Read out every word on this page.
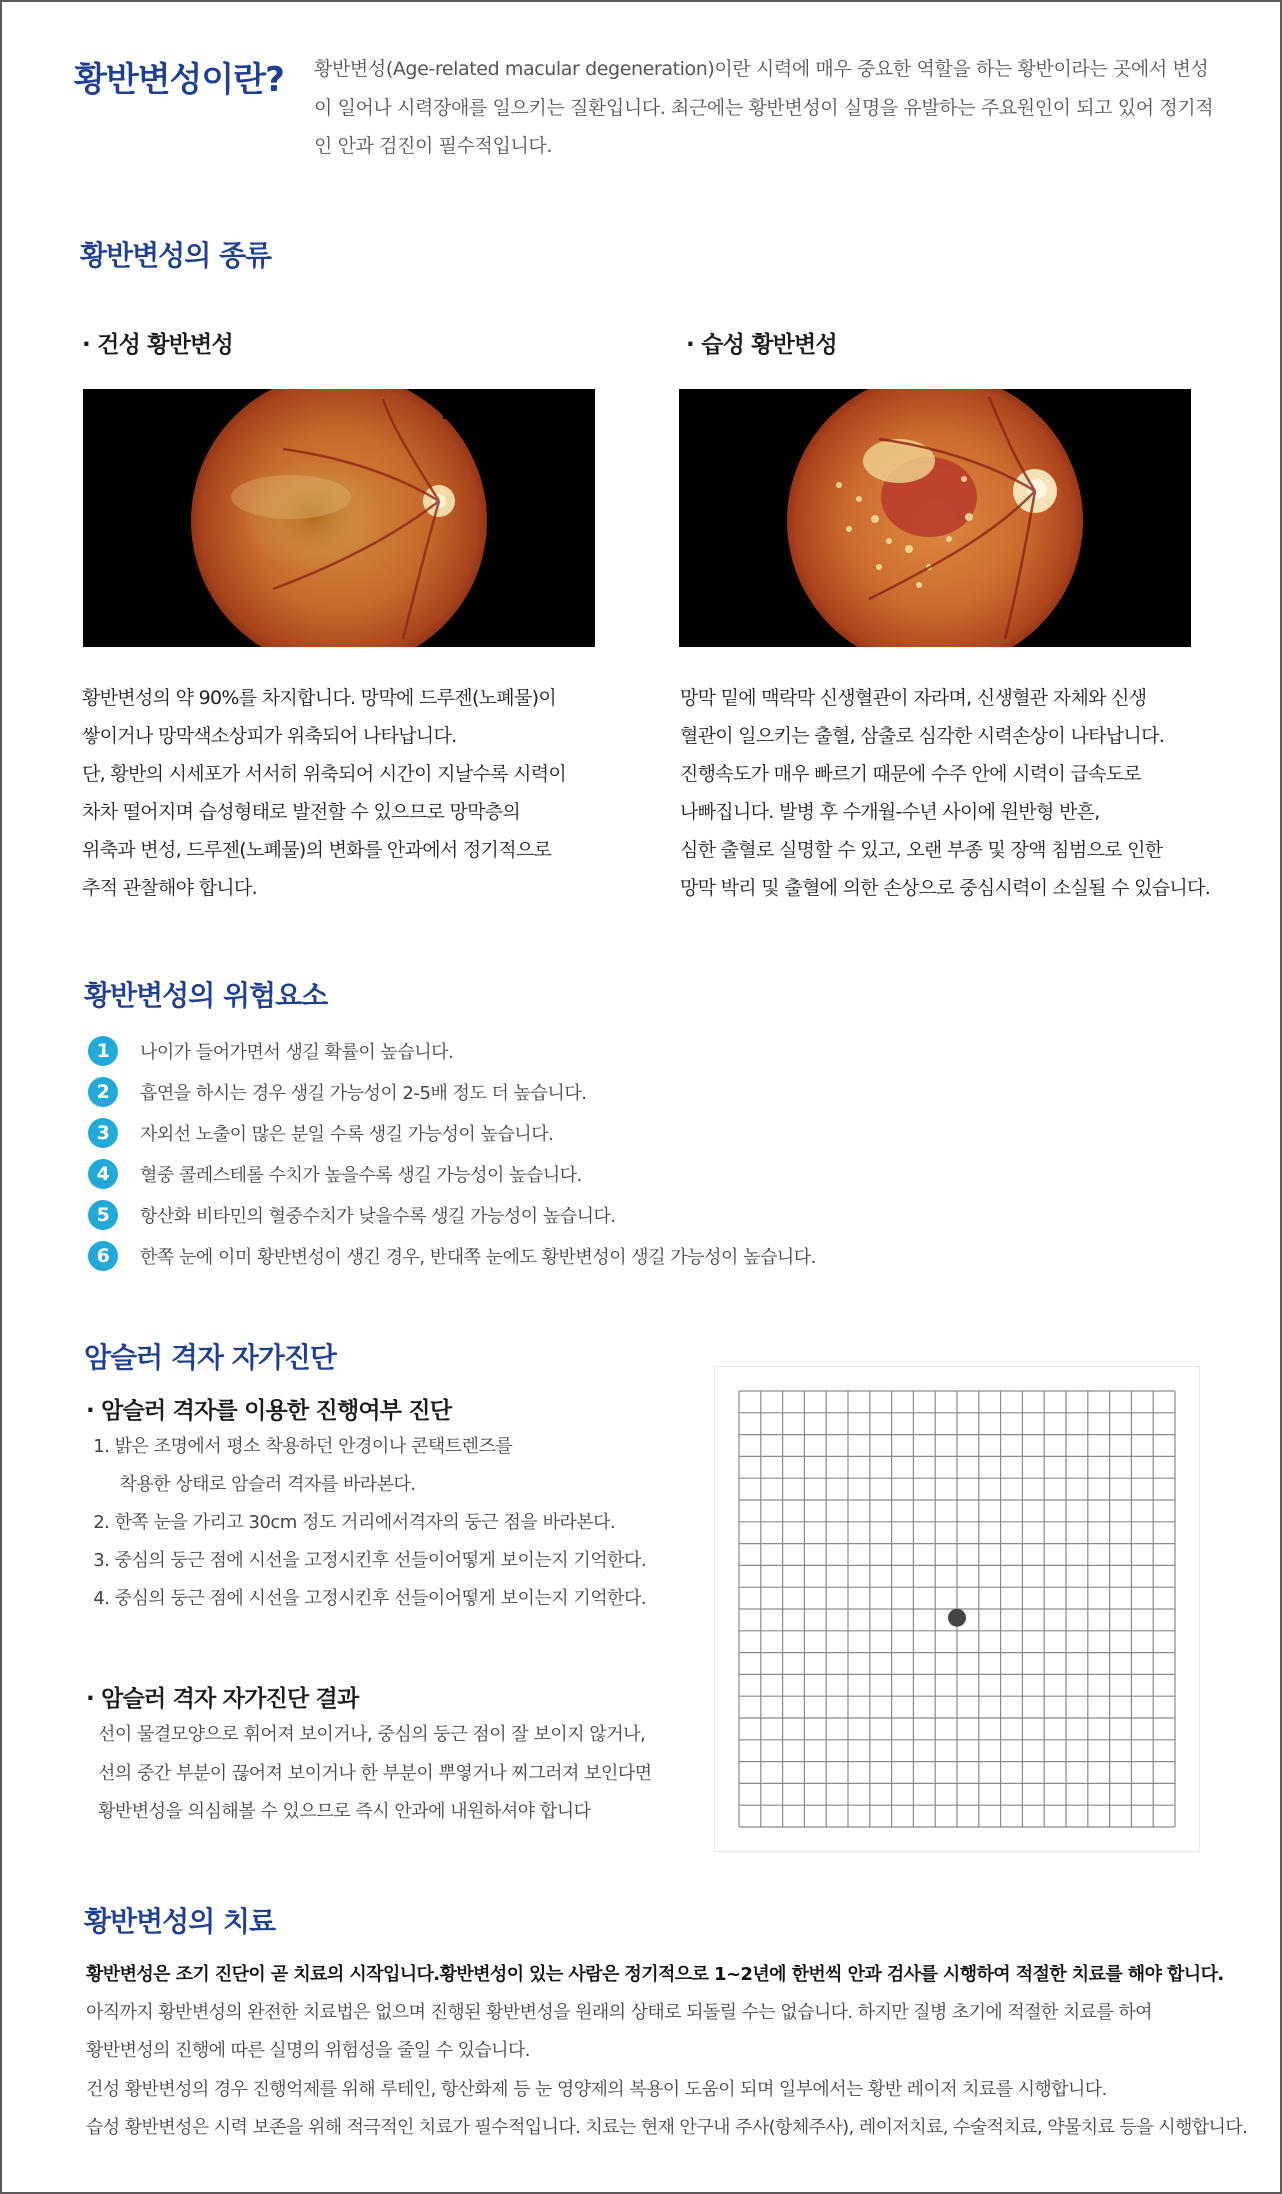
황반변성이란? 황반변성(Age-related macular degeneration)이란 시력에 매우 중요한 역할을 하는 황반이라는 곳에서 변성이 일어나 시력장애를 일으키는 질환입니다. 최근에는 황반변성이 실명을 유발하는 주요원인이 되고 있어 정기적인 안과 검진이 필수적입니다.

황반변성의 종류
· 건성 황반변성	· 습성 황반변성

황반변성의 약 90%를 차지합니다. 망막에 드루젠(노폐물)이

쌓이거나 망막색소상피가 위축되어 나타납니다.

단, 황반의 시세포가 서서히 위축되어 시간이 지날수록 시력이

차차 떨어지며 습성형태로 발전할 수 있으므로 망막층의

위축과 변성, 드루젠(노폐물)의 변화를 안과에서 정기적으로

추적 관찰해야 합니다.

망막 밑에 맥락막 신생혈관이 자라며, 신생혈관 자체와 신생

혈관이 일으키는 출혈, 삼출로 심각한 시력손상이 나타납니다.

진행속도가 매우 빠르기 때문에 수주 안에 시력이 급속도로

나빠집니다. 발병 후 수개월-수년 사이에 원반형 반흔,

심한 출혈로 실명할 수 있고, 오랜 부종 및 장액 침범으로 인한

망막 박리 및 출혈에 의한 손상으로 중심시력이 소실될 수 있습니다.

황반변성의 위험요소
1	나이가 들어가면서 생길 확률이 높습니다.
2	흡연을 하시는 경우 생길 가능성이 2-5배 정도 더 높습니다.
3	자외선 노출이 많은 분일 수록 생길 가능성이 높습니다.
4	혈중 콜레스테롤 수치가 높을수록 생길 가능성이 높습니다.
5	항산화 비타민의 혈중수치가 낮을수록 생길 가능성이 높습니다.
6	한쪽 눈에 이미 황반변성이 생긴 경우, 반대쪽 눈에도 황반변성이 생길 가능성이 높습니다.
암슬러 격자 자가진단
· 암슬러 격자를 이용한 진행여부 진단
1. 밝은 조명에서 평소 착용하던 안경이나 콘택트렌즈를
착용한 상태로 암슬러 격자를 바라본다.
2. 한쪽 눈을 가리고 30cm 정도 거리에서격자의 둥근 점을 바라본다.
3. 중심의 둥근 점에 시선을 고정시킨후 선들이어떻게 보이는지 기억한다.
4. 중심의 둥근 점에 시선을 고정시킨후 선들이어떻게 보이는지 기억한다.
· 암슬러 격자 자가진단 결과

선이 물결모양으로 휘어져 보이거나, 중심의 둥근 점이 잘 보이지 않거나,

선의 중간 부분이 끊어져 보이거나 한 부분이 뿌옇거나 찌그러져 보인다면

황반변성을 의심해볼 수 있으므로 즉시 안과에 내원하셔야 합니다

황반변성의 치료

황반변성은 조기 진단이 곧 치료의 시작입니다.황반변성이 있는 사람은 정기적으로 1~2년에 한번씩 안과 검사를 시행하여 적절한 치료를 해야 합니다.

아직까지 황반변성의 완전한 치료법은 없으며 진행된 황반변성을 원래의 상태로 되돌릴 수는 없습니다. 하지만 질병 초기에 적절한 치료를 하여

황반변성의 진행에 따른 실명의 위험성을 줄일 수 있습니다.

건성 황반변성의 경우 진행억제를 위해 루테인, 항산화제 등 눈 영양제의 복용이 도움이 되며 일부에서는 황반 레이저 치료를 시행합니다.

습성 황반변성은 시력 보존을 위해 적극적인 치료가 필수적입니다. 치료는 현재 안구내 주사(항체주사), 레이저치료, 수술적치료, 약물치료 등을 시행합니다.
